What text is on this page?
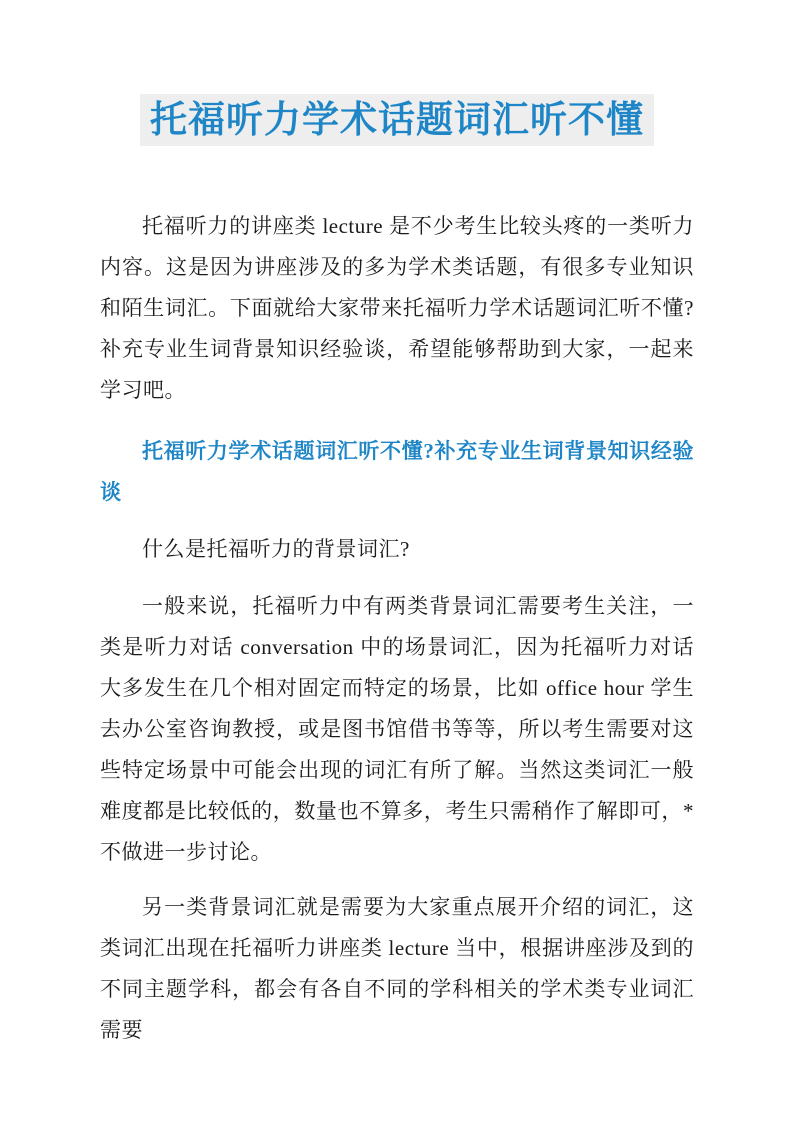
托福听力学术话题词汇听不懂

托福听力的讲座类 lecture 是不少考生比较头疼的一类听力内容。这是因为讲座涉及的多为学术类话题，有很多专业知识和陌生词汇。下面就给大家带来托福听力学术话题词汇听不懂?补充专业生词背景知识经验谈，希望能够帮助到大家，一起来学习吧。

托福听力学术话题词汇听不懂?补充专业生词背景知识经验谈

什么是托福听力的背景词汇?

一般来说，托福听力中有两类背景词汇需要考生关注，一类是听力对话 conversation 中的场景词汇，因为托福听力对话大多发生在几个相对固定而特定的场景，比如 office hour 学生去办公室咨询教授，或是图书馆借书等等，所以考生需要对这些特定场景中可能会出现的词汇有所了解。当然这类词汇一般难度都是比较低的，数量也不算多，考生只需稍作了解即可，*不做进一步讨论。

另一类背景词汇就是需要为大家重点展开介绍的词汇，这类词汇出现在托福听力讲座类 lecture 当中，根据讲座涉及到的不同主题学科，都会有各自不同的学科相关的学术类专业词汇需要
